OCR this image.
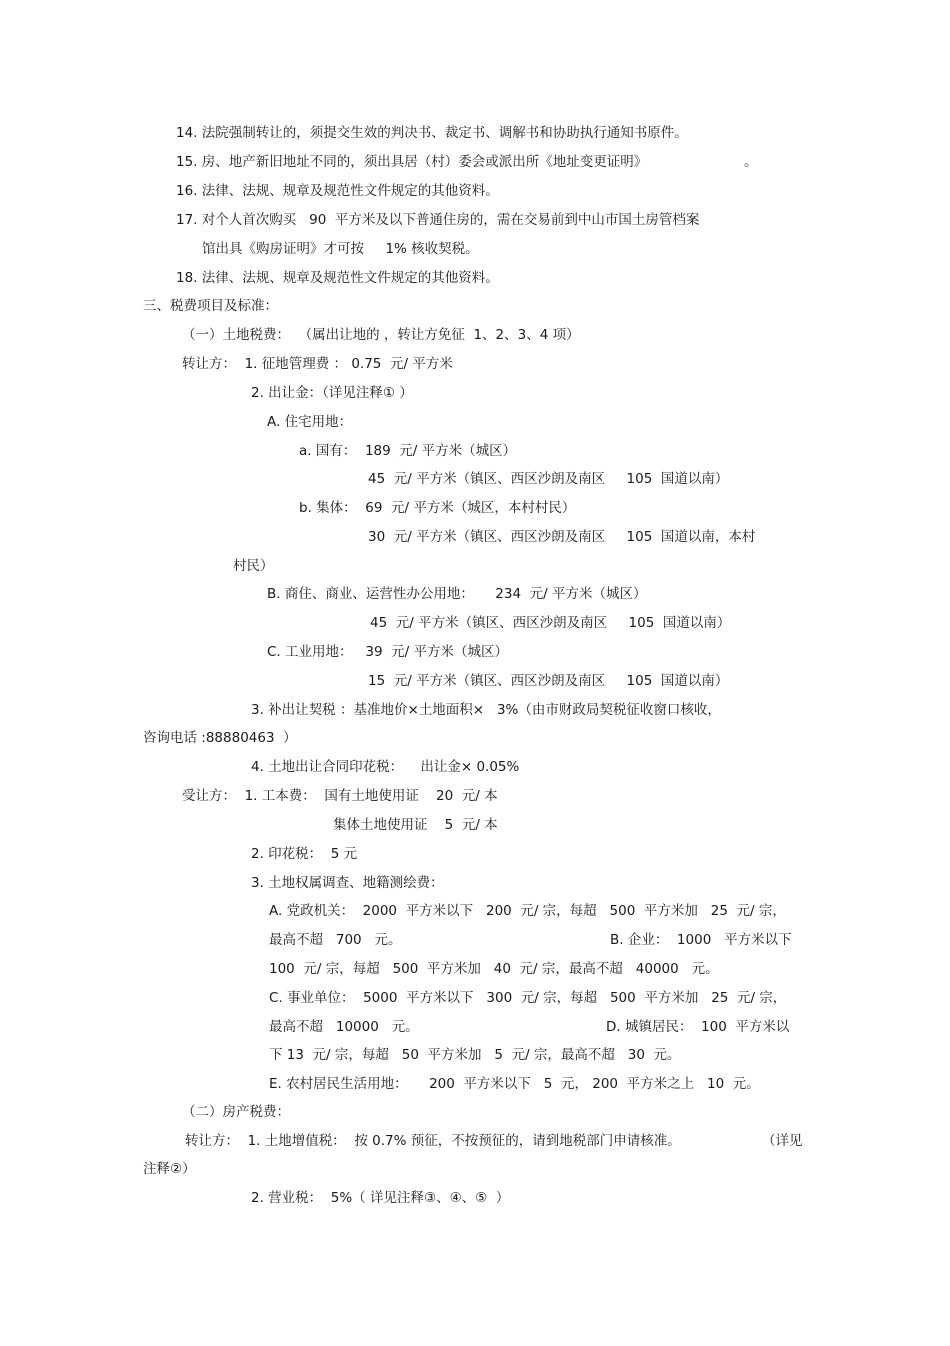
14. 法院强制转让的，须提交生效的判决书、裁定书、调解书和协助执行通知书原件。
15. 房、地产新旧地址不同的，须出具居（村）委会或派出所《地址变更证明》	。
16. 法律、法规、规章及规范性文件规定的其他资料。
17. 对个人首次购买   90  平方米及以下普通住房的，需在交易前到中山市国土房管档案
馆出具《购房证明》才可按     1% 核收契税。
18. 法律、法规、规章及规范性文件规定的其他资料。
三、税费项目及标准：
（一）土地税费：  （属出让地的 ，转让方免征  1、2、3、4 项）
转让方：  1. 征地管理费 ： 0.75  元/ 平方米
2. 出让金：（详见注释① ）
A. 住宅用地：
a. 国有：  189  元/ 平方米（城区）
45  元/ 平方米（镇区、西区沙朗及南区     105  国道以南）
b. 集体：  69  元/ 平方米（城区，本村村民）
30  元/ 平方米（镇区、西区沙朗及南区     105  国道以南，本村
村民）
B. 商住、商业、运营性办公用地：     234  元/ 平方米（城区）
45  元/ 平方米（镇区、西区沙朗及南区     105  国道以南）
C. 工业用地：   39  元/ 平方米（城区）
15  元/ 平方米（镇区、西区沙朗及南区     105  国道以南）
3. 补出让契税 ：基准地价×土地面积×   3%（由市财政局契税征收窗口核收，
咨询电话 :88880463  ）
4. 土地出让合同印花税：    出让金× 0.05%
受让方：  1. 工本费：  国有土地使用证    20  元/ 本
集体土地使用证    5  元/ 本
2. 印花税：  5 元
3. 土地权属调查、地籍测绘费：
A. 党政机关：  2000  平方米以下   200  元/ 宗，每超   500  平方米加   25  元/ 宗，
最高不超   700   元。	B. 企业：  1000   平方米以下
100  元/ 宗，每超   500  平方米加   40  元/ 宗，最高不超   40000   元。
C. 事业单位：  5000  平方米以下   300  元/ 宗，每超   500  平方米加   25  元/ 宗，
最高不超   10000   元。	D. 城镇居民：  100  平方米以
下 13  元/ 宗，每超   50  平方米加   5  元/ 宗，最高不超   30  元。
E. 农村居民生活用地：     200  平方米以下   5  元， 200  平方米之上   10  元。
（二）房产税费：
转让方：  1. 土地增值税：  按 0.7% 预征，不按预征的，请到地税部门申请核准。	（详见
注释②）
2. 营业税：  5%（ 详见注释③、④、⑤  ）
